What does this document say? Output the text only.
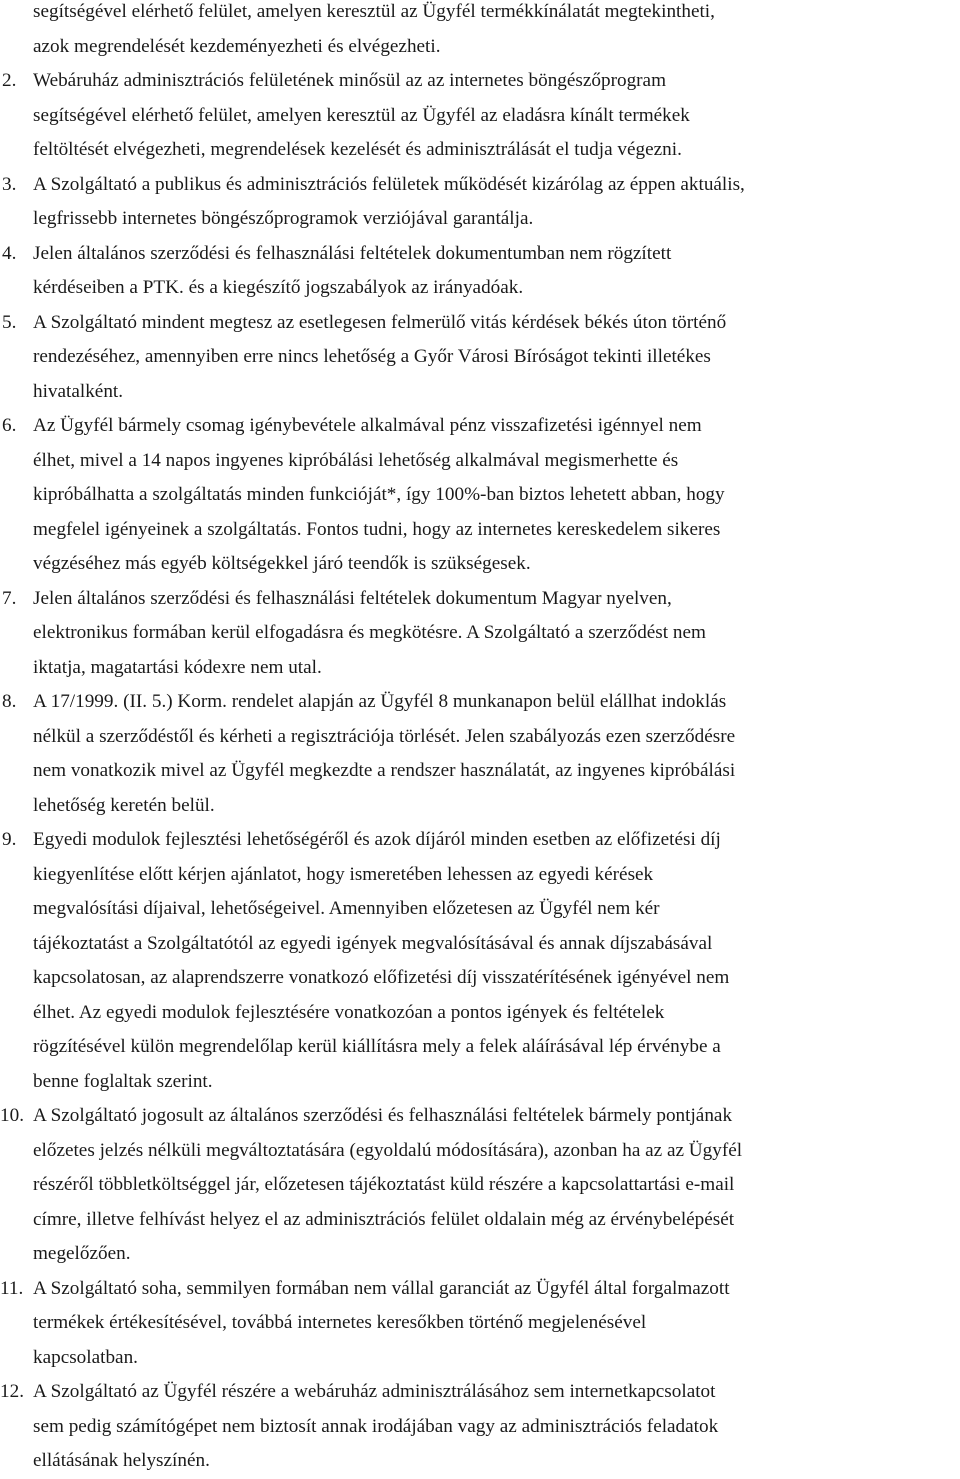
segítségével elérhető felület, amelyen keresztül az Ügyfél termékkínálatát megtekintheti,
azok megrendelését kezdeményezheti és elvégezheti.
2. Webáruház adminisztrációs felületének minősül az az internetes böngészőprogram
segítségével elérhető felület, amelyen keresztül az Ügyfél az eladásra kínált termékek
feltöltését elvégezheti, megrendelések kezelését és adminisztrálását el tudja végezni.
3. A Szolgáltató a publikus és adminisztrációs felületek működését kizárólag az éppen aktuális,
legfrissebb internetes böngészőprogramok verziójával garantálja.
4. Jelen általános szerződési és felhasználási feltételek dokumentumban nem rögzített
kérdéseiben a PTK. és a kiegészítő jogszabályok az irányadóak.
5. A Szolgáltató mindent megtesz az esetlegesen felmerülő vitás kérdések békés úton történő
rendezéséhez, amennyiben erre nincs lehetőség a Győr Városi Bíróságot tekinti illetékes
hivatalként.
6. Az Ügyfél bármely csomag igénybevétele alkalmával pénz visszafizetési igénnyel nem
élhet, mivel a 14 napos ingyenes kipróbálási lehetőség alkalmával megismerhette és
kipróbálhatta a szolgáltatás minden funkcióját*, így 100%-ban biztos lehetett abban, hogy
megfelel igényeinek a szolgáltatás. Fontos tudni, hogy az internetes kereskedelem sikeres
végzéséhez más egyéb költségekkel járó teendők is szükségesek.
7. Jelen általános szerződési és felhasználási feltételek dokumentum Magyar nyelven,
elektronikus formában kerül elfogadásra és megkötésre. A Szolgáltató a szerződést nem
iktatja, magatartási kódexre nem utal.
8. A 17/1999. (II. 5.) Korm. rendelet alapján az Ügyfél 8 munkanapon belül elállhat indoklás
nélkül a szerződéstől és kérheti a regisztrációja törlését. Jelen szabályozás ezen szerződésre
nem vonatkozik mivel az Ügyfél megkezdte a rendszer használatát, az ingyenes kipróbálási
lehetőség keretén belül.
9. Egyedi modulok fejlesztési lehetőségéről és azok díjáról minden esetben az előfizetési díj
kiegyenlítése előtt kérjen ajánlatot, hogy ismeretében lehessen az egyedi kérések
megvalósítási díjaival, lehetőségeivel. Amennyiben előzetesen az Ügyfél nem kér
tájékoztatást a Szolgáltatótól az egyedi igények megvalósításával és annak díjszabásával
kapcsolatosan, az alaprendszerre vonatkozó előfizetési díj visszatérítésének igényével nem
élhet. Az egyedi modulok fejlesztésére vonatkozóan a pontos igények és feltételek
rögzítésével külön megrendelőlap kerül kiállításra mely a felek aláírásával lép érvénybe a
benne foglaltak szerint.
10. A Szolgáltató jogosult az általános szerződési és felhasználási feltételek bármely pontjának
előzetes jelzés nélküli megváltoztatására (egyoldalú módosítására), azonban ha az az Ügyfél
részéről többletköltséggel jár, előzetesen tájékoztatást küld részére a kapcsolattartási e-mail
címre, illetve felhívást helyez el az adminisztrációs felület oldalain még az érvénybelépését
megelőzően.
11. A Szolgáltató soha, semmilyen formában nem vállal garanciát az Ügyfél által forgalmazott
termékek értékesítésével, továbbá internetes keresőkben történő megjelenésével
kapcsolatban.
12. A Szolgáltató az Ügyfél részére a webáruház adminisztrálásához sem internetkapcsolatot
sem pedig számítógépet nem biztosít annak irodájában vagy az adminisztrációs feladatok
ellátásának helyszínén.
